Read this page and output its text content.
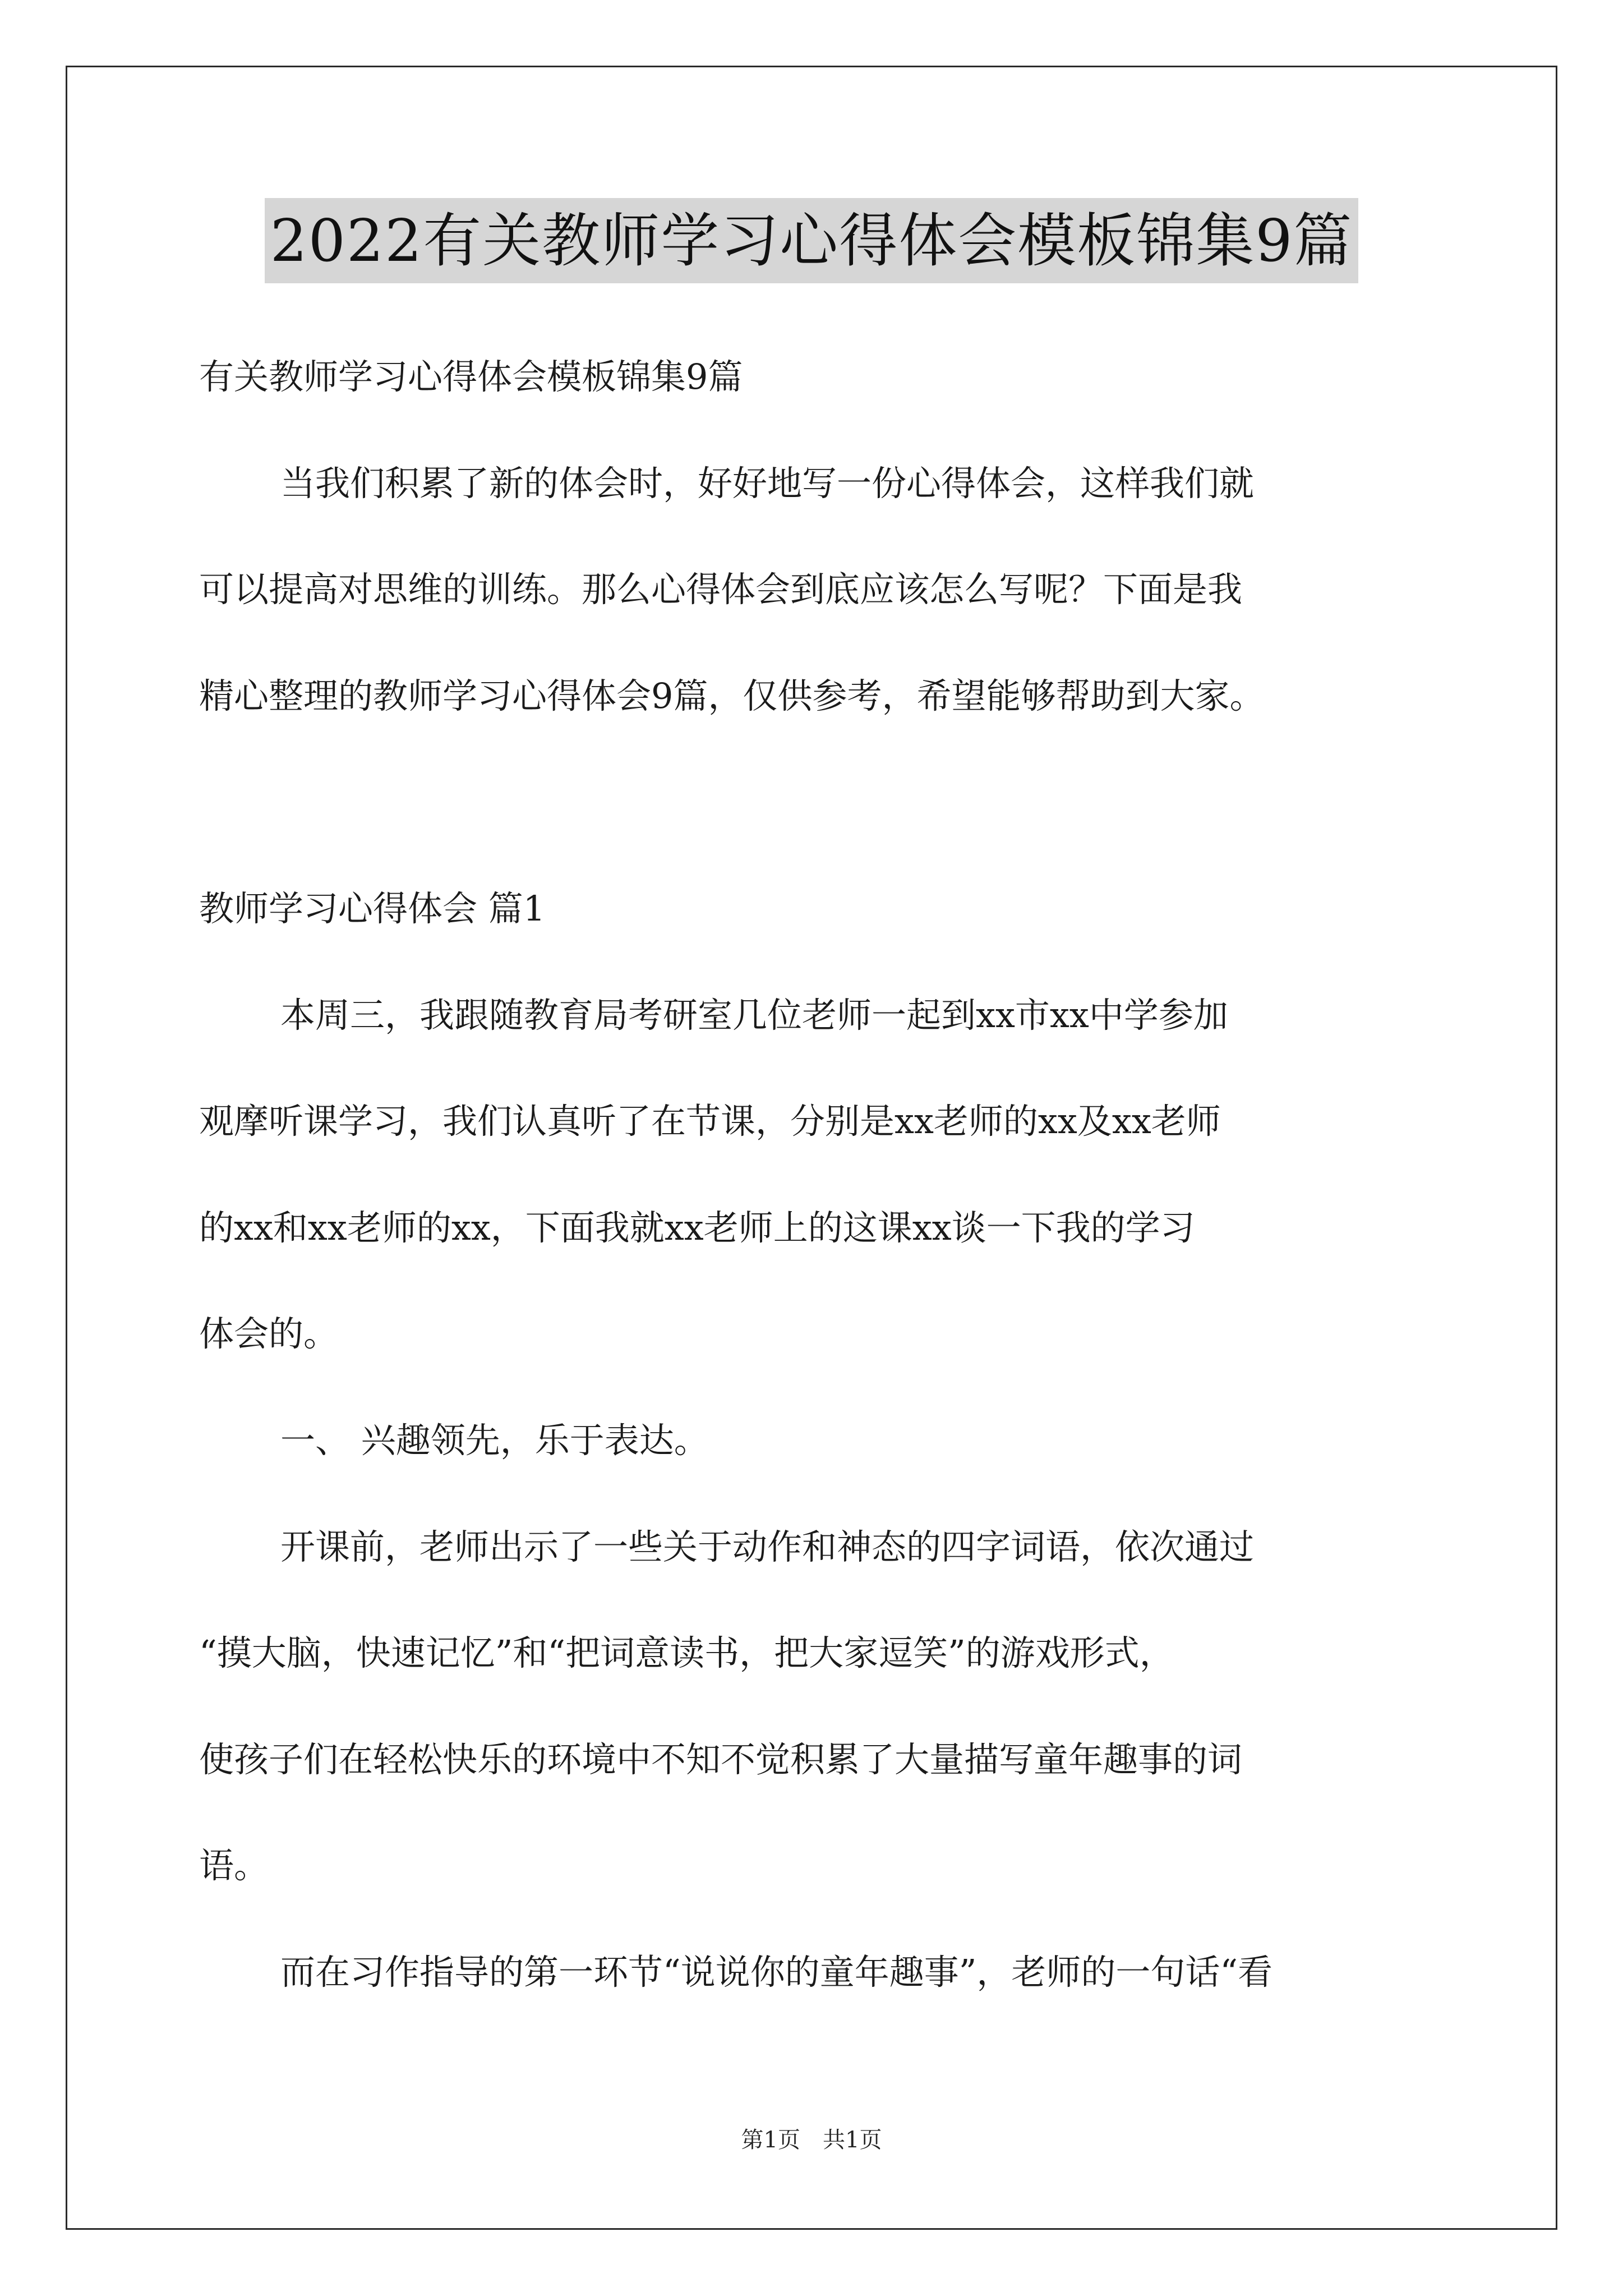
2022有关教师学习心得体会模板锦集9篇
有关教师学习心得体会模板锦集9篇
当我们积累了新的体会时，好好地写一份心得体会，这样我们就
可以提高对思维的训练。那么心得体会到底应该怎么写呢？下面是我
精心整理的教师学习心得体会9篇，仅供参考，希望能够帮助到大家。
教师学习心得体会 篇1
本周三，我跟随教育局考研室几位老师一起到xx市xx中学参加
观摩听课学习，我们认真听了在节课，分别是xx老师的xx及xx老师
的xx和xx老师的xx，下面我就xx老师上的这课xx谈一下我的学习
体会的。
一、 兴趣领先，乐于表达。
开课前，老师出示了一些关于动作和神态的四字词语，依次通过
“摸大脑，快速记忆”和“把词意读书，把大家逗笑”的游戏形式，
使孩子们在轻松快乐的环境中不知不觉积累了大量描写童年趣事的词
语。
而在习作指导的第一环节“说说你的童年趣事”，老师的一句话“看
第1页　共1页
